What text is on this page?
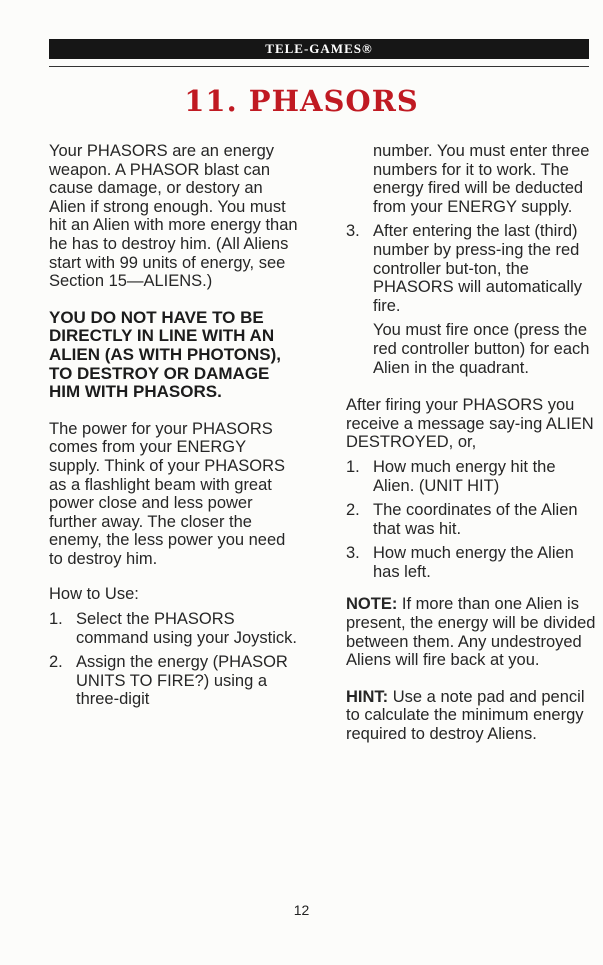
TELE-GAMES®
11. PHASORS

Your PHASORS are an energy weapon. A PHASOR blast can cause damage, or destory an Alien if strong enough. You must hit an Alien with more energy than he has to destroy him. (All Aliens start with 99 units of energy, see Section 15—ALIENS.)

YOU DO NOT HAVE TO BE DIRECTLY IN LINE WITH AN ALIEN (AS WITH PHOTONS), TO DESTROY OR DAMAGE HIM WITH PHASORS.

The power for your PHASORS comes from your ENERGY supply. Think of your PHASORS as a flashlight beam with great power close and less power further away. The closer the enemy, the less power you need to destroy him.

How to Use:

1. Select the PHASORS command using your Joystick.
2. Assign the energy (PHASOR UNITS TO FIRE?) using a three-digit

number. You must enter three numbers for it to work. The energy fired will be deducted from your ENERGY supply.

3. After entering the last (third) number by press-ing the red controller but-ton, the PHASORS will automatically fire.

You must fire once (press the red controller button) for each Alien in the quadrant.

After firing your PHASORS you receive a message say-ing ALIEN DESTROYED, or,

1. How much energy hit the Alien. (UNIT HIT)
2. The coordinates of the Alien that was hit.
3. How much energy the Alien has left.

NOTE: If more than one Alien is present, the energy will be divided between them. Any undestroyed Aliens will fire back at you.

HINT: Use a note pad and pencil to calculate the minimum energy required to destroy Aliens.

12
